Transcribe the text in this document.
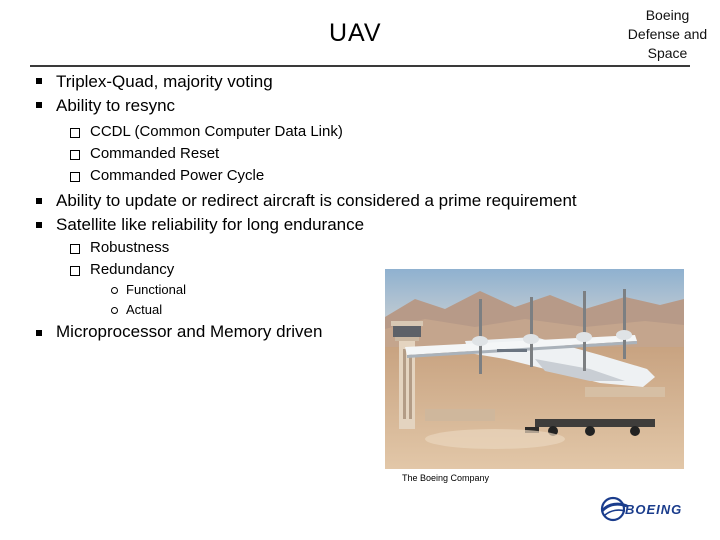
UAV
Boeing
Defense and
Space
Triplex-Quad, majority voting
Ability to resync
CCDL (Common Computer Data Link)
Commanded Reset
Commanded Power Cycle
Ability to update or redirect aircraft is considered a prime requirement
Satellite like reliability for long endurance
Robustness
Redundancy
Functional
Actual
Microprocessor and Memory driven
The Boeing Company
BOEING
